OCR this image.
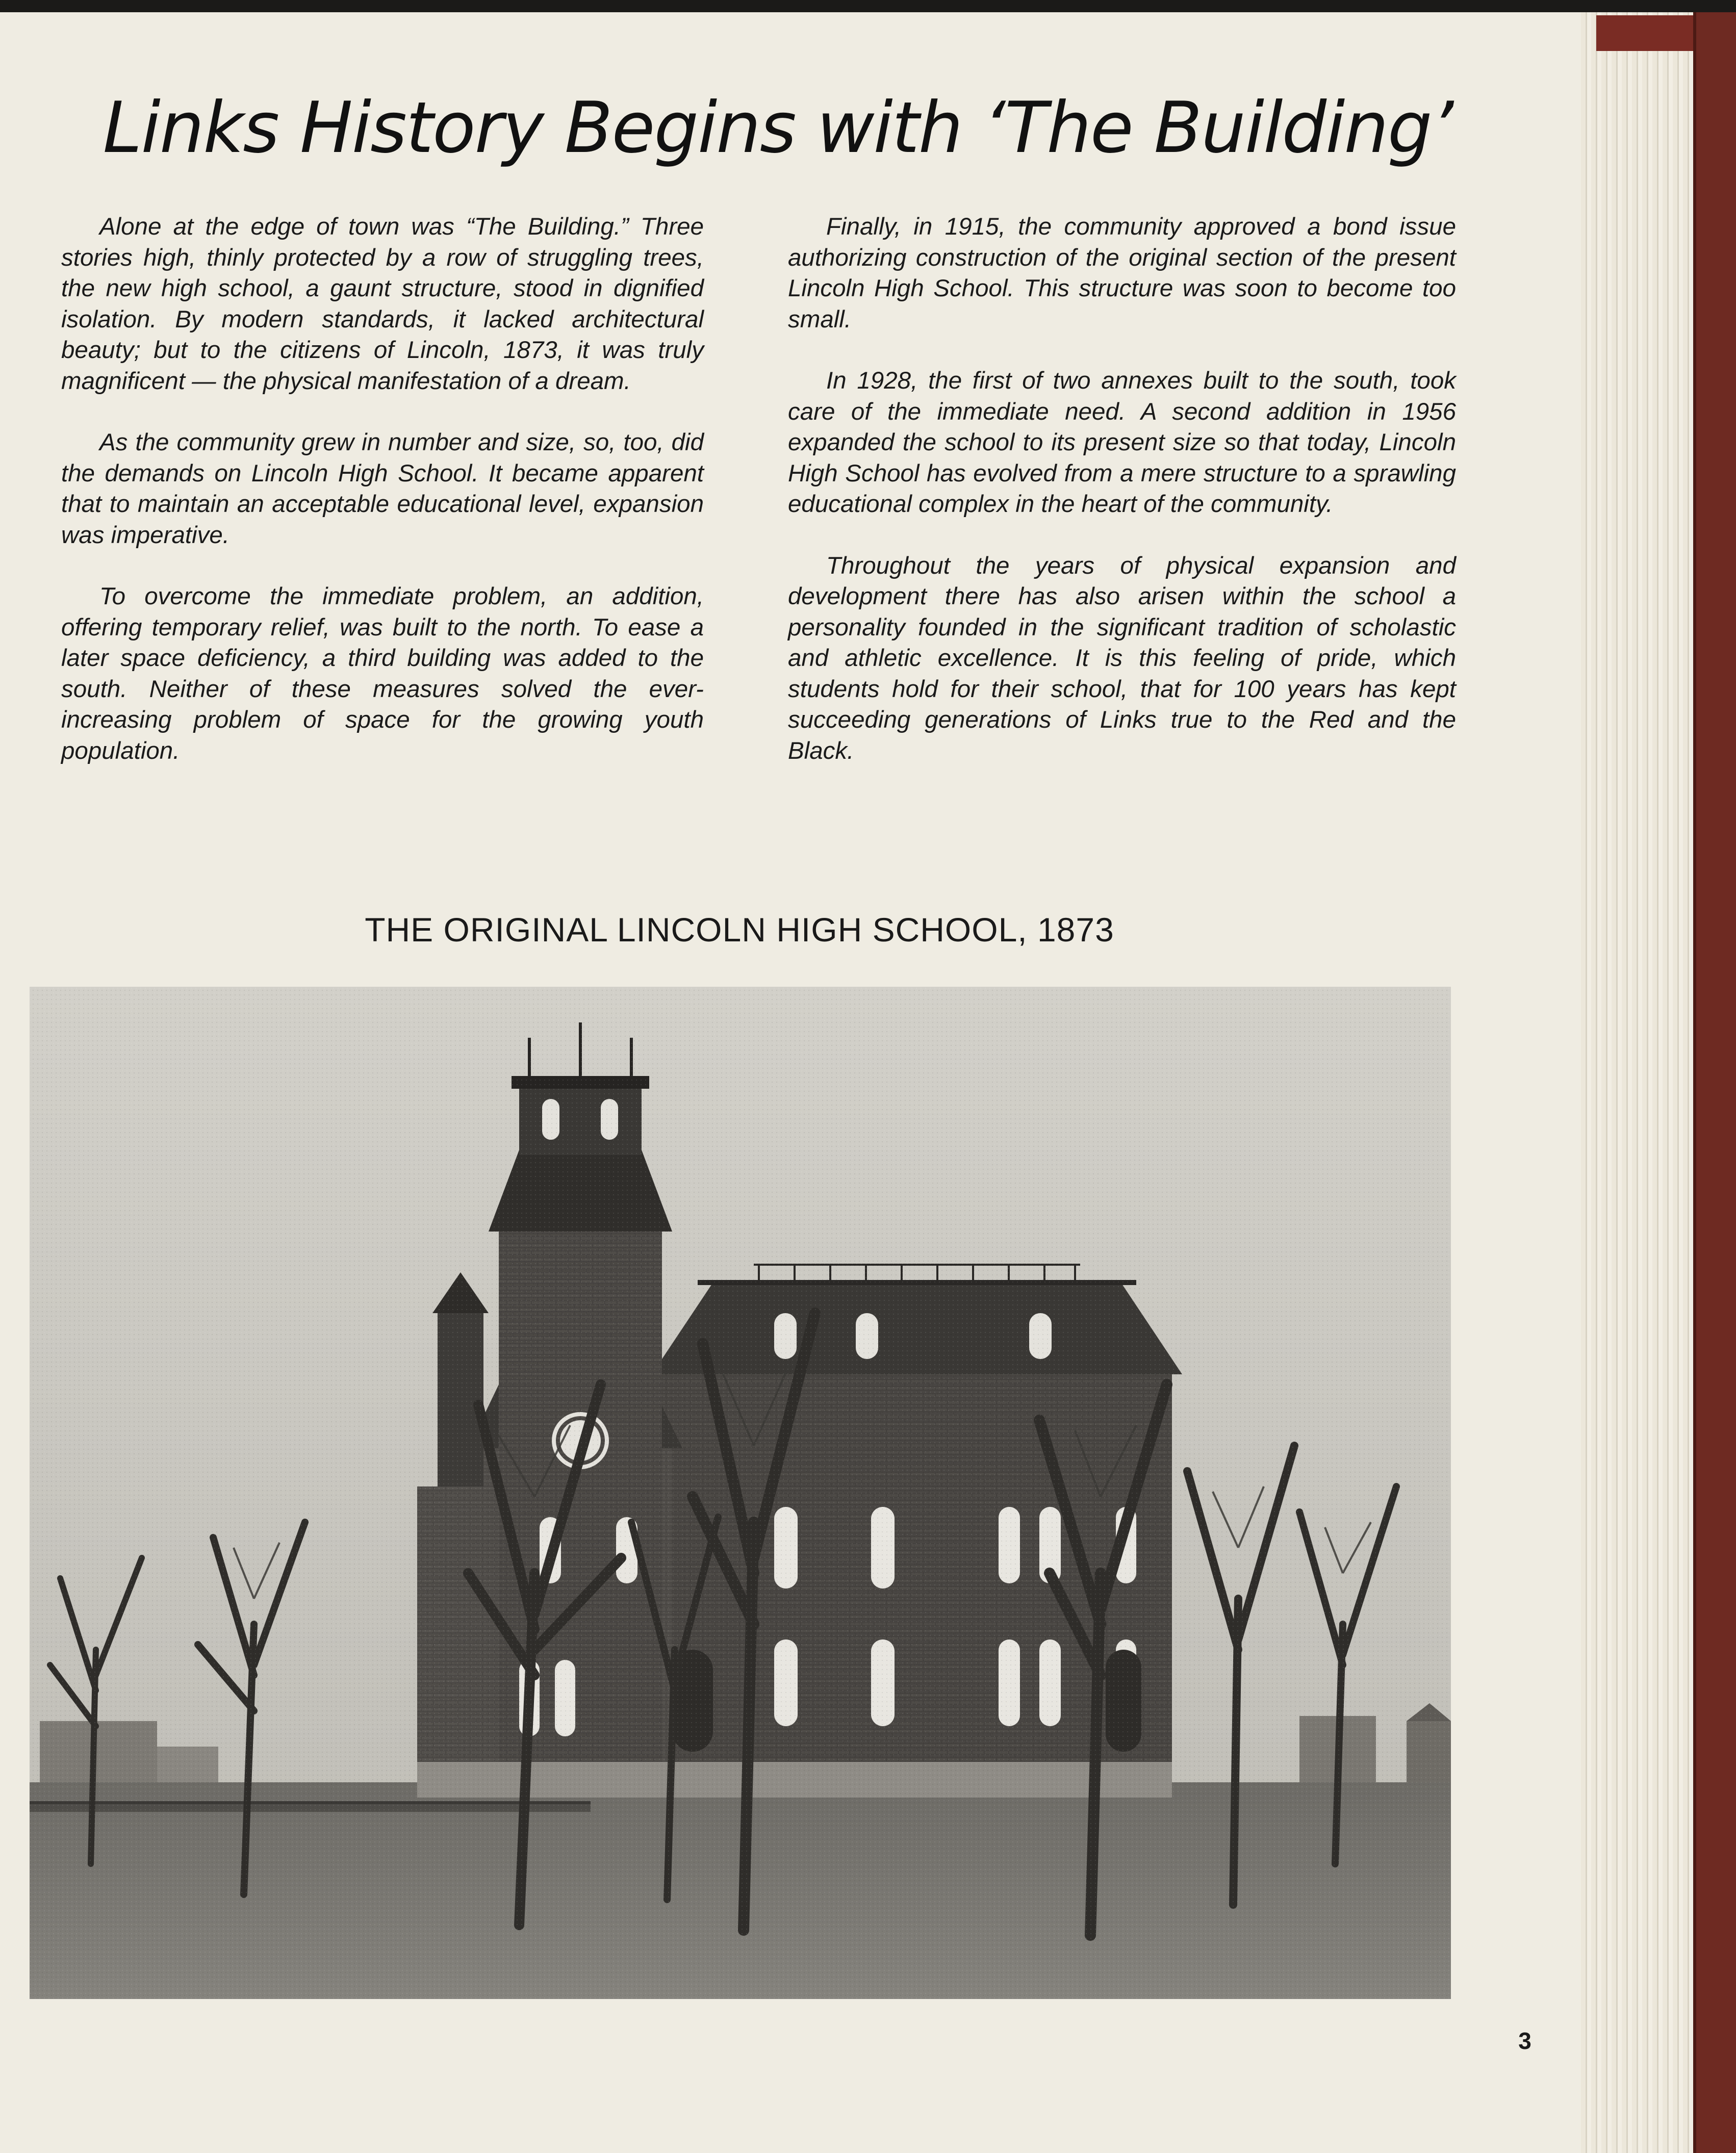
Links History Begins with ‘The Building’

Alone at the edge of town was “The Building.” Three stories high, thinly protected by a row of struggling trees, the new high school, a gaunt structure, stood in dignified isolation. By modern standards, it lacked architectural beauty; but to the citizens of Lincoln, 1873, it was truly magnificent — the physical manifestation of a dream.

As the community grew in number and size, so, too, did the demands on Lincoln High School. It became apparent that to maintain an acceptable educational level, expansion was imperative.

To overcome the immediate problem, an addition, offering temporary relief, was built to the north. To ease a later space deficiency, a third building was added to the south. Neither of these measures solved the ever-increasing problem of space for the growing youth population.

Finally, in 1915, the community approved a bond issue authorizing construction of the original section of the present Lincoln High School. This structure was soon to become too small.

In 1928, the first of two annexes built to the south, took care of the immediate need. A second addition in 1956 expanded the school to its present size so that today, Lincoln High School has evolved from a mere structure to a sprawling educational complex in the heart of the community.

Throughout the years of physical expansion and development there has also arisen within the school a personality founded in the significant tradition of scholastic and athletic excellence. It is this feeling of pride, which students hold for their school, that for 100 years has kept succeeding generations of Links true to the Red and the Black.

THE ORIGINAL LINCOLN HIGH SCHOOL, 1873
3
